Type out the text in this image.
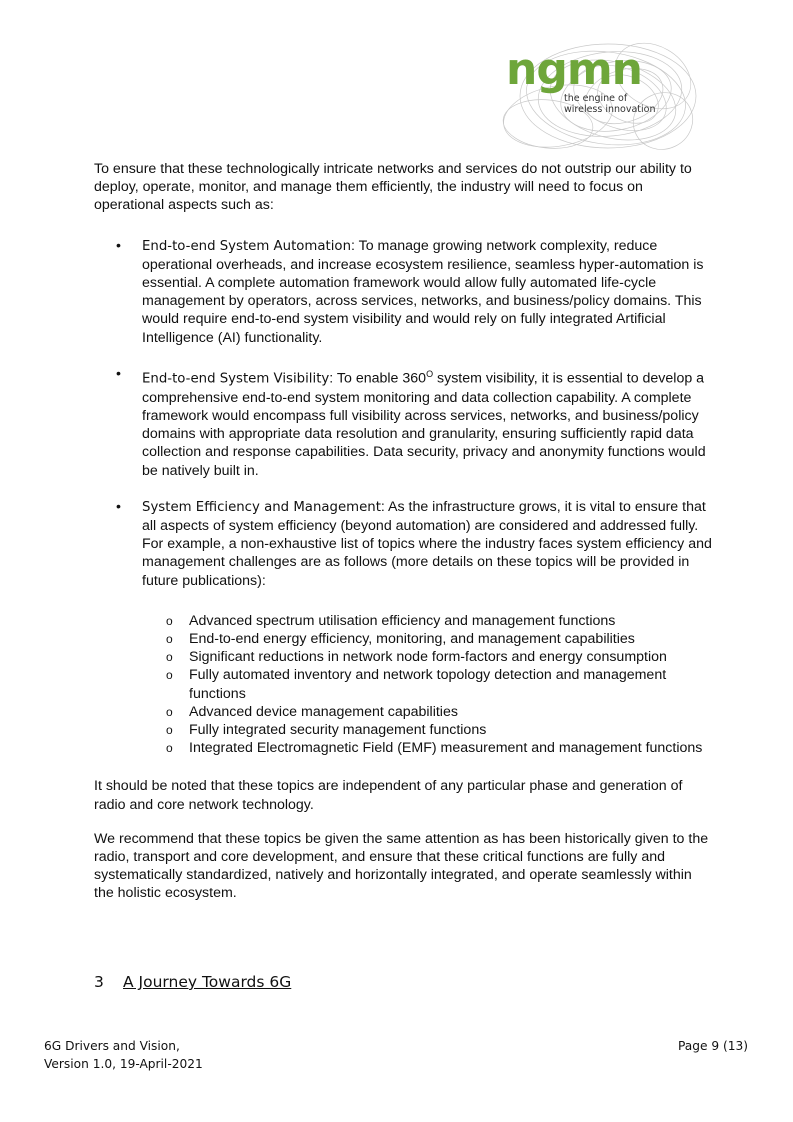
ngmn
the engine of
wireless innovation

To ensure that these technologically intricate networks and services do not outstrip our ability to deploy, operate, monitor, and manage them efficiently, the industry will need to focus on operational aspects such as:

• End-to-end System Automation: To manage growing network complexity, reduce operational overheads, and increase ecosystem resilience, seamless hyper-automation is essential. A complete automation framework would allow fully automated life-cycle management by operators, across services, networks, and business/policy domains. This would require end-to-end system visibility and would rely on fully integrated Artificial Intelligence (AI) functionality.
• End-to-end System Visibility: To enable $360^O$ system visibility, it is essential to develop a comprehensive end-to-end system monitoring and data collection capability. A complete framework would encompass full visibility across services, networks, and business/policy domains with appropriate data resolution and granularity, ensuring sufficiently rapid data collection and response capabilities. Data security, privacy and anonymity functions would be natively built in.
• System Efficiency and Management: As the infrastructure grows, it is vital to ensure that all aspects of system efficiency (beyond automation) are considered and addressed fully. For example, a non-exhaustive list of topics where the industry faces system efficiency and management challenges are as follows (more details on these topics will be provided in future publications):
o Advanced spectrum utilisation efficiency and management functions
o End-to-end energy efficiency, monitoring, and management capabilities
o Significant reductions in network node form-factors and energy consumption
o Fully automated inventory and network topology detection and management functions
o Advanced device management capabilities
o Fully integrated security management functions
o Integrated Electromagnetic Field (EMF) measurement and management functions

It should be noted that these topics are independent of any particular phase and generation of radio and core network technology.

We recommend that these topics be given the same attention as has been historically given to the radio, transport and core development, and ensure that these critical functions are fully and systematically standardized, natively and horizontally integrated, and operate seamlessly within the holistic ecosystem.

3 A Journey Towards 6G
6G Drivers and Vision,
Version 1.0, 19-April-2021
Page 9 (13)
